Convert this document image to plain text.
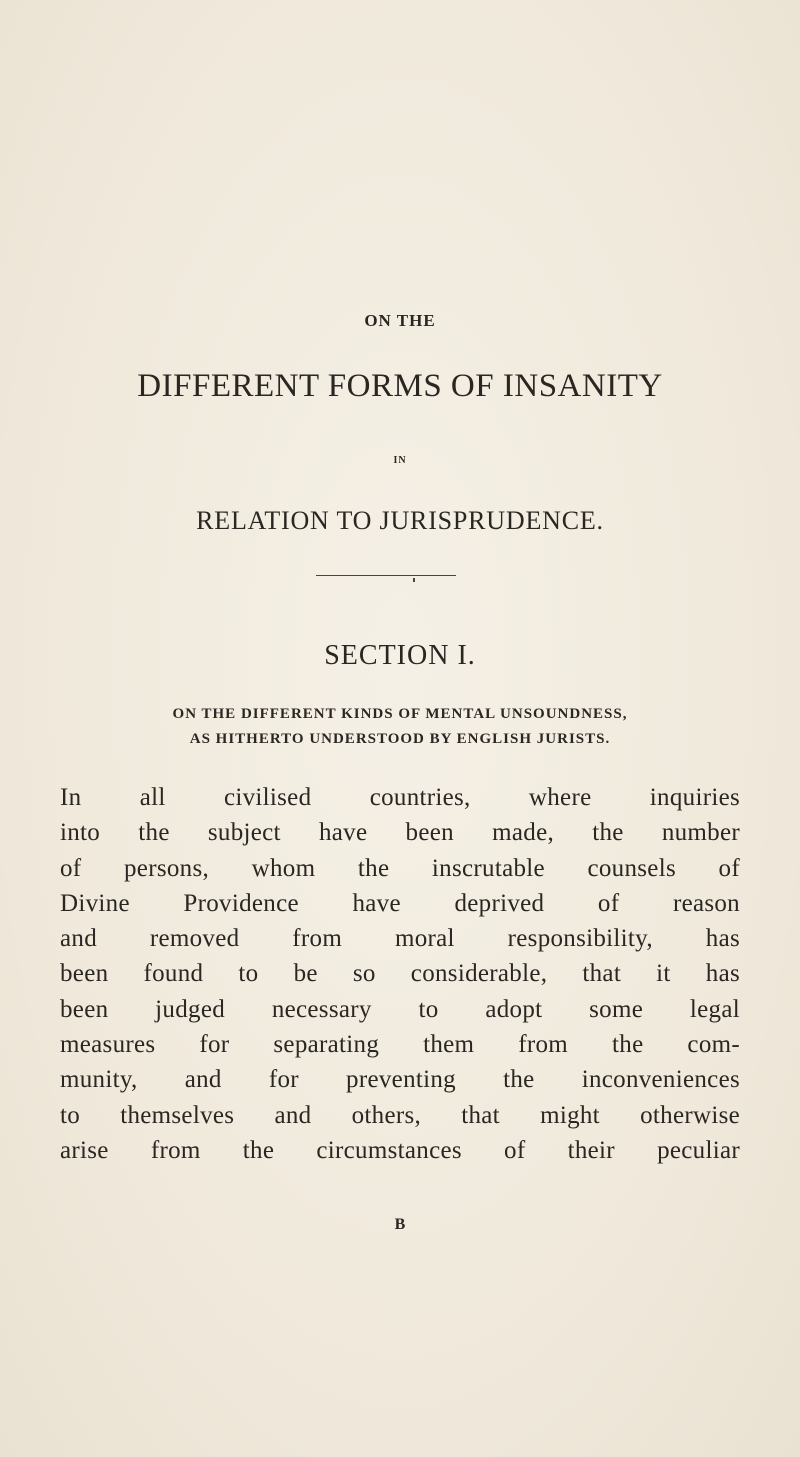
ON THE
DIFFERENT FORMS OF INSANITY
IN
RELATION TO JURISPRUDENCE.
SECTION I.
ON THE DIFFERENT KINDS OF MENTAL UNSOUNDNESS,
AS HITHERTO UNDERSTOOD BY ENGLISH JURISTS.
In all civilised countries, where inquiries
into the subject have been made, the number
of persons, whom the inscrutable counsels of
Divine Providence have deprived of reason
and removed from moral responsibility, has
been found to be so considerable, that it has
been judged necessary to adopt some legal
measures for separating them from the com-
munity, and for preventing the inconveniences
to themselves and others, that might otherwise
arise from the circumstances of their peculiar
B
